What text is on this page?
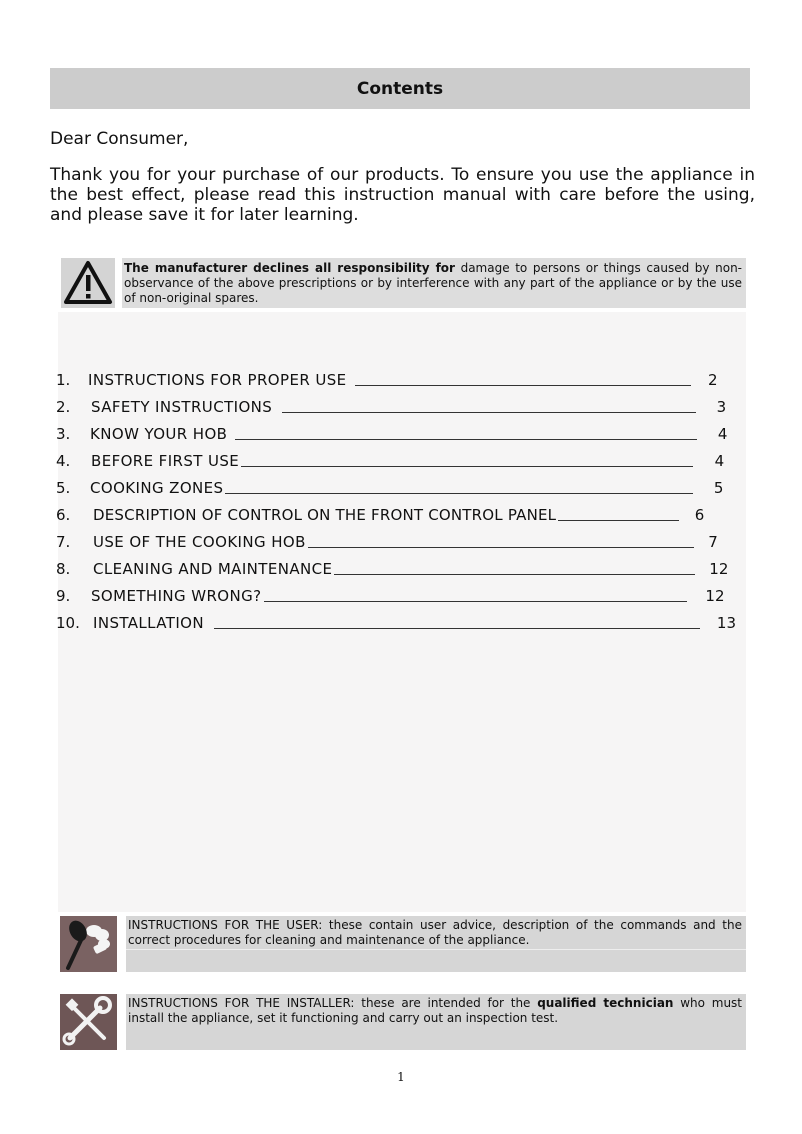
Contents
Dear Consumer,
Thank you for your purchase of our products. To ensure you use the appliance in the best effect, please read this instruction manual with care before the using, and please save it for later learning.
The manufacturer declines all responsibility for damage to persons or things caused by non-observance of the above prescriptions or by interference with any part of the appliance or by the use of non-original spares.
1.	INSTRUCTIONS FOR PROPER USE	2
2.	SAFETY INSTRUCTIONS	3
3.	KNOW YOUR HOB	4
4.	BEFORE FIRST USE	4
5.	COOKING ZONES	5
6.	DESCRIPTION OF CONTROL ON THE FRONT CONTROL PANEL	6
7.	USE OF THE COOKING HOB	7
8.	CLEANING AND MAINTENANCE	12
9.	SOMETHING WRONG?	12
10. INSTALLATION	13
INSTRUCTIONS FOR THE USER: these contain user advice, description of the commands and the correct procedures for cleaning and maintenance of the appliance.
INSTRUCTIONS FOR THE INSTALLER: these are intended for the qualified technician who must install the appliance, set it functioning and carry out an inspection test.
1
